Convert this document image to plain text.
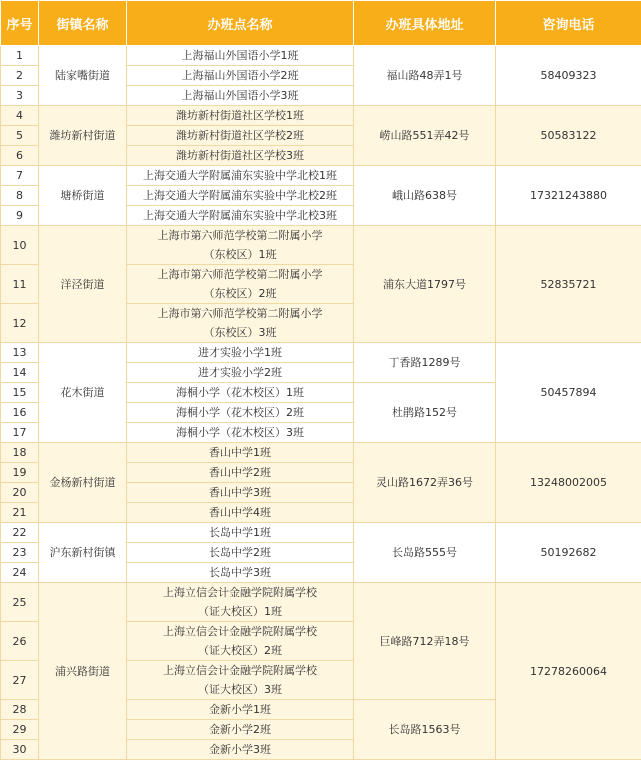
序号	街镇名称	办班点名称	办班具体地址	咨询电话
1	陆家嘴街道	上海福山外国语小学1班	福山路48弄1号	58409323
2		上海福山外国语小学2班		
3		上海福山外国语小学3班		
4	潍坊新村街道	潍坊新村街道社区学校1班	崂山路551弄42号	50583122
5		潍坊新村街道社区学校2班		
6		潍坊新村街道社区学校3班		
7	塘桥街道	上海交通大学附属浦东实验中学北校1班	峨山路638号	17321243880
8		上海交通大学附属浦东实验中学北校2班		
9		上海交通大学附属浦东实验中学北校3班		
10	洋泾街道	上海市第六师范学校第二附属小学
（东校区）1班	浦东大道1797号	52835721
11		上海市第六师范学校第二附属小学
（东校区）2班		
12		上海市第六师范学校第二附属小学
（东校区）3班		
13	花木街道	进才实验小学1班	丁香路1289号	50457894
14		进才实验小学2班		
15		海桐小学（花木校区）1班	杜鹃路152号	
16		海桐小学（花木校区）2班		
17		海桐小学（花木校区）3班		
18	金杨新村街道	香山中学1班	灵山路1672弄36号	13248002005
19		香山中学2班		
20		香山中学3班		
21		香山中学4班		
22	沪东新村街镇	长岛中学1班	长岛路555号	50192682
23		长岛中学2班		
24		长岛中学3班		
25	浦兴路街道	上海立信会计金融学院附属学校
（证大校区）1班	巨峰路712弄18号	17278260064
26		上海立信会计金融学院附属学校
（证大校区）2班		
27		上海立信会计金融学院附属学校
（证大校区）3班		
28		金新小学1班	长岛路1563号	
29		金新小学2班		
30		金新小学3班		
